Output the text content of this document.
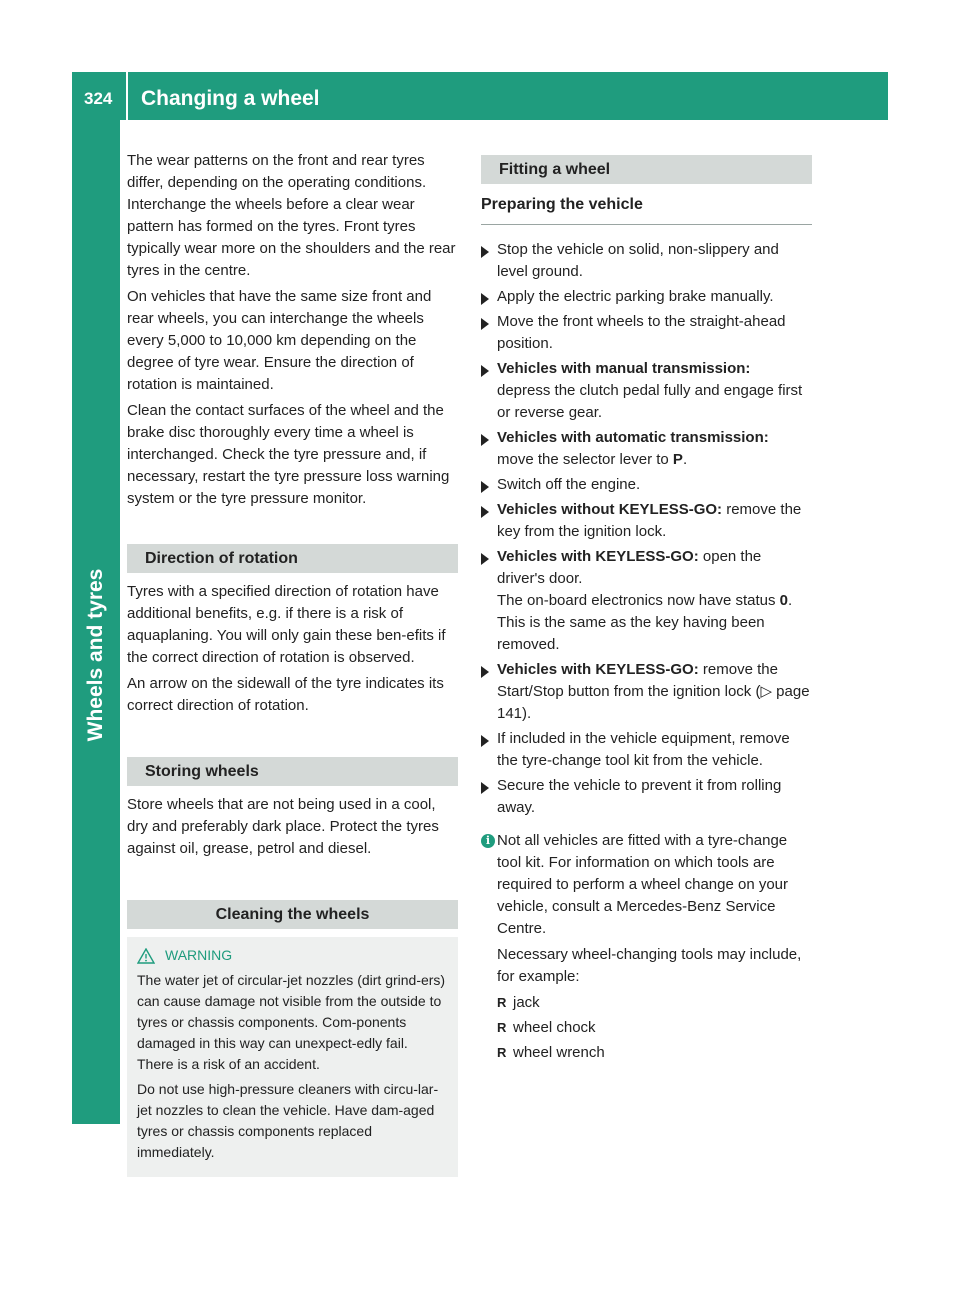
324 Changing a wheel
Wheels and tyres

The wear patterns on the front and rear tyres differ, depending on the operating conditions. Interchange the wheels before a clear wear pattern has formed on the tyres. Front tyres typically wear more on the shoulders and the rear tyres in the centre.

On vehicles that have the same size front and rear wheels, you can interchange the wheels every 5,000 to 10,000 km depending on the degree of tyre wear. Ensure the direction of rotation is maintained.

Clean the contact surfaces of the wheel and the brake disc thoroughly every time a wheel is interchanged. Check the tyre pressure and, if necessary, restart the tyre pressure loss warning system or the tyre pressure monitor.

Direction of rotation

Tyres with a specified direction of rotation have additional benefits, e.g. if there is a risk of aquaplaning. You will only gain these ben-efits if the correct direction of rotation is observed.

An arrow on the sidewall of the tyre indicates its correct direction of rotation.

Storing wheels

Store wheels that are not being used in a cool, dry and preferably dark place. Protect the tyres against oil, grease, petrol and diesel.

Cleaning the wheels
WARNING

The water jet of circular-jet nozzles (dirt grind-ers) can cause damage not visible from the outside to tyres or chassis components. Com-ponents damaged in this way can unexpect-edly fail. There is a risk of an accident.

Do not use high-pressure cleaners with circu-lar-jet nozzles to clean the vehicle. Have dam-aged tyres or chassis components replaced immediately.

Fitting a wheel
Preparing the vehicle
Stop the vehicle on solid, non-slippery and level ground.
Apply the electric parking brake manually.
Move the front wheels to the straight-ahead position.
Vehicles with manual transmission:
depress the clutch pedal fully and engage first or reverse gear.
Vehicles with automatic transmission:
move the selector lever to P.
Switch off the engine.
Vehicles without KEYLESS-GO: remove the key from the ignition lock.
Vehicles with KEYLESS-GO: open the driver's door.
The on-board electronics now have status 0. This is the same as the key having been removed.
Vehicles with KEYLESS-GO: remove the Start/Stop button from the ignition lock (▷ page 141).
If included in the vehicle equipment, remove the tyre-change tool kit from the vehicle.
Secure the vehicle to prevent it from rolling away.
i

Not all vehicles are fitted with a tyre-change tool kit. For information on which tools are required to perform a wheel change on your vehicle, consult a Mercedes-Benz Service Centre.

Necessary wheel-changing tools may include, for example:

R jack
R wheel chock
R wheel wrench
